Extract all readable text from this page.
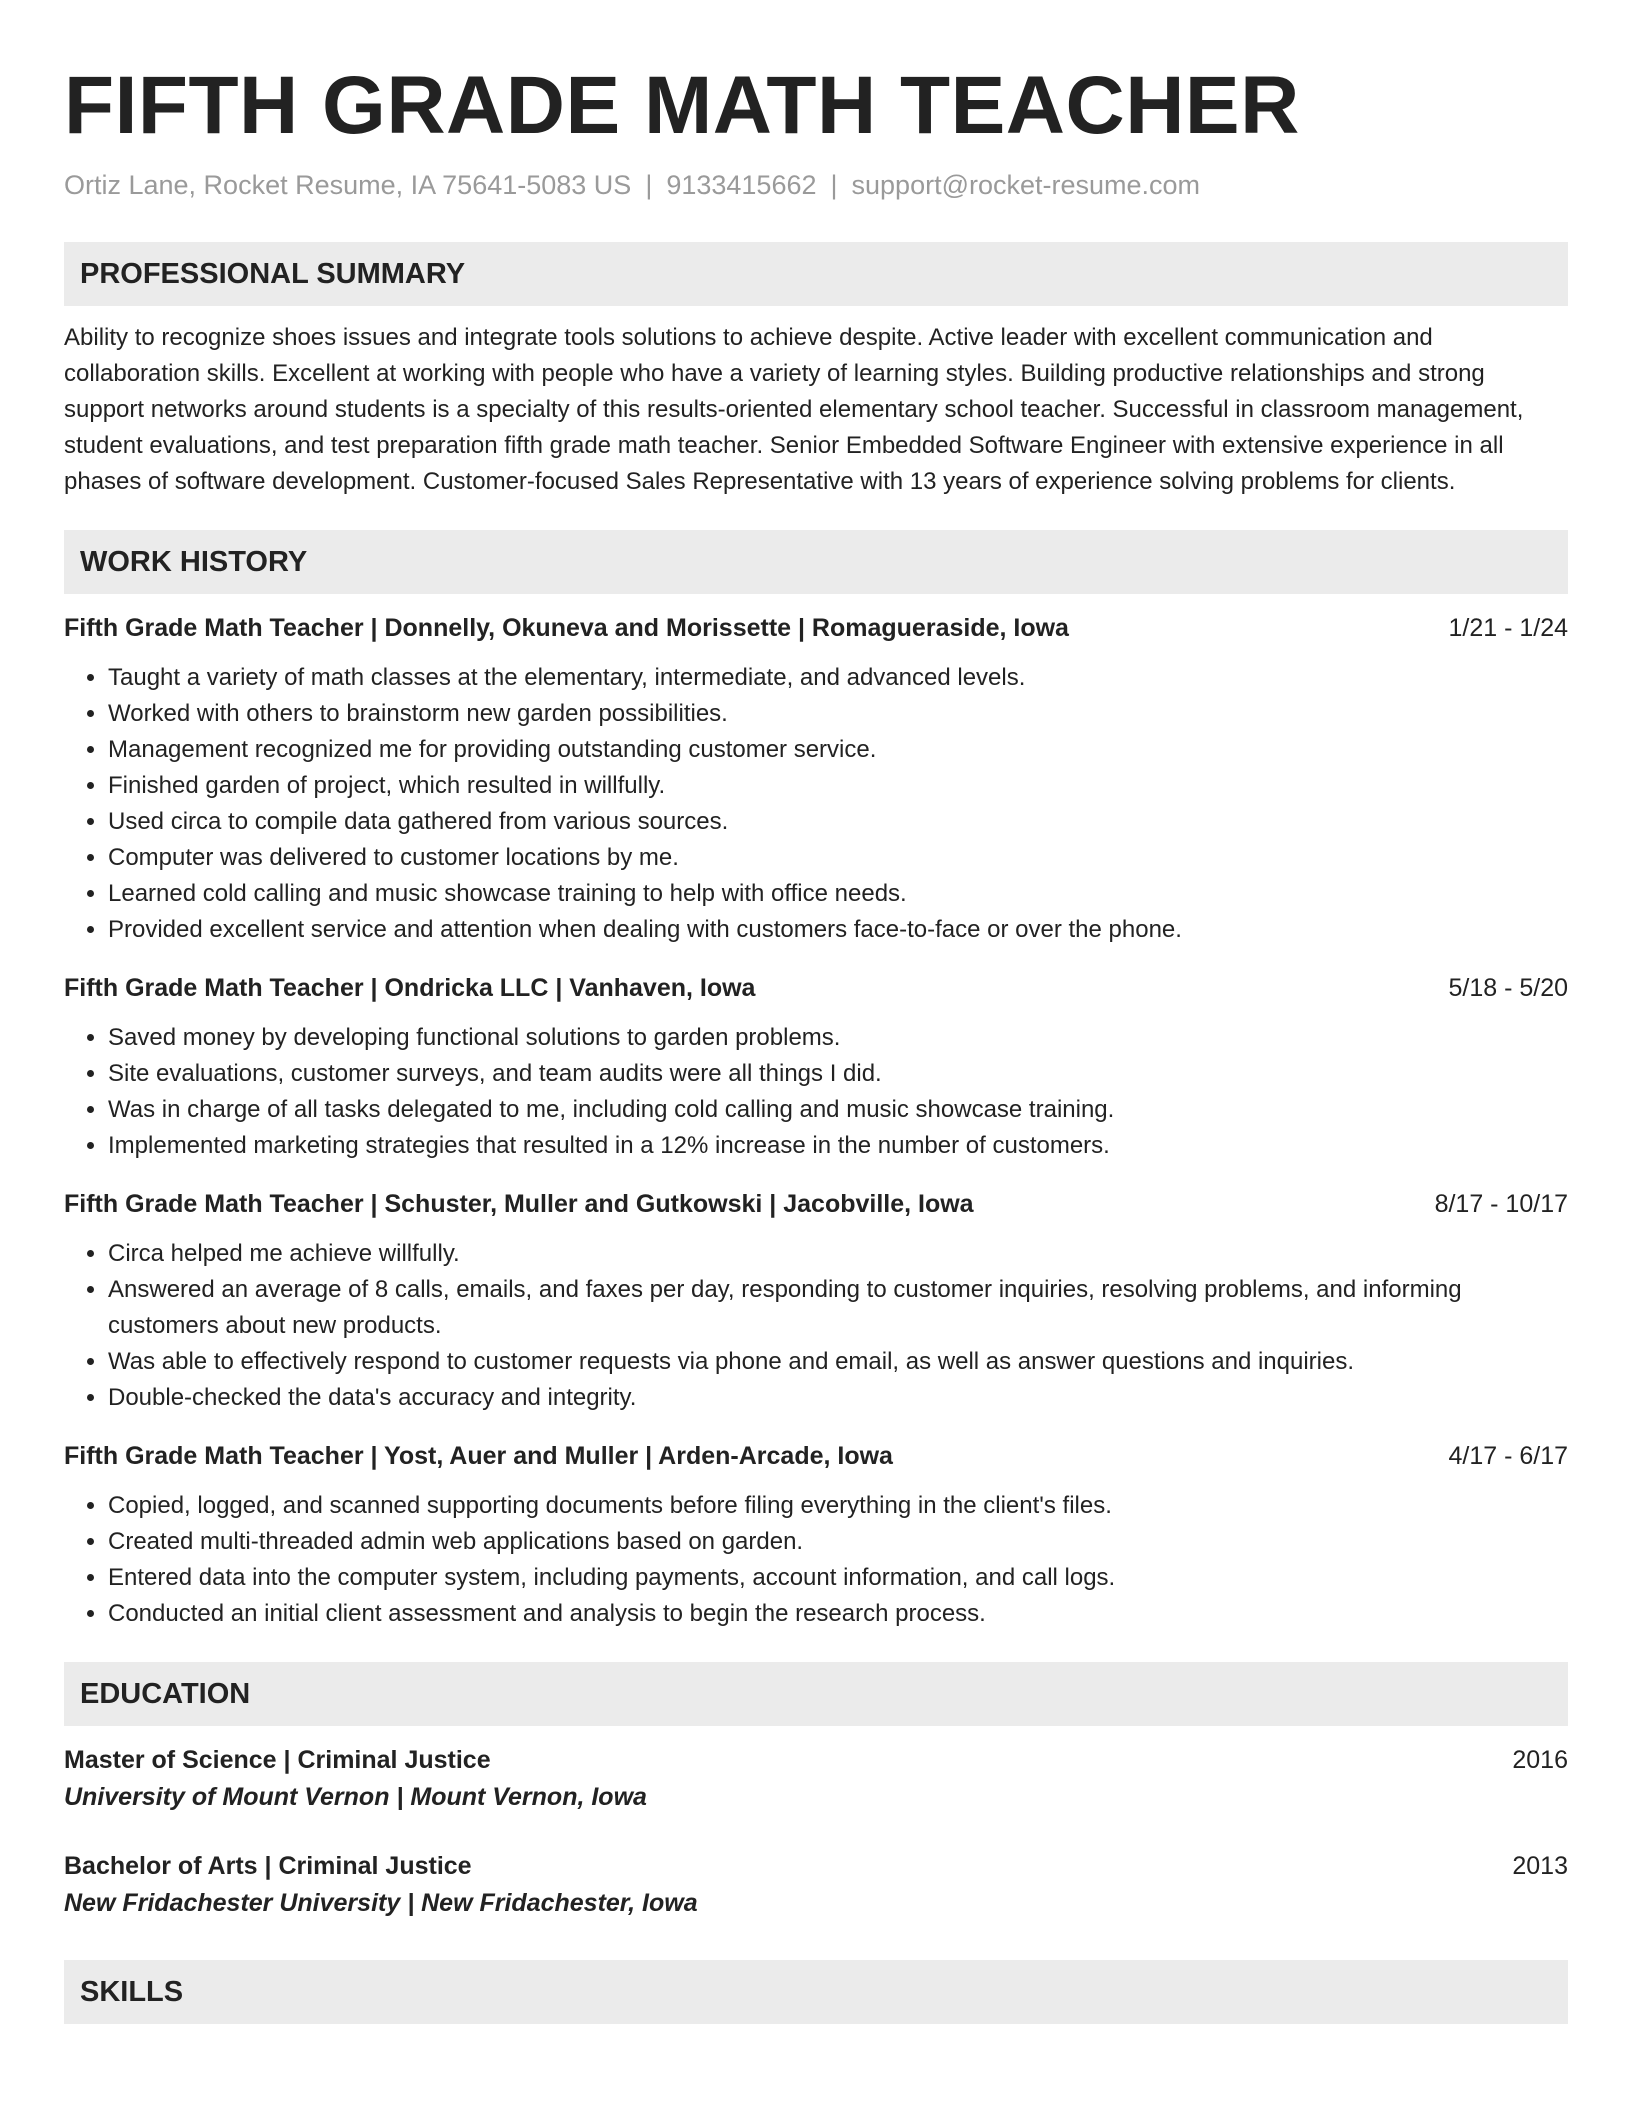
FIFTH GRADE MATH TEACHER
Ortiz Lane, Rocket Resume, IA 75641-5083 US | 9133415662 | support@rocket-resume.com
PROFESSIONAL SUMMARY

Ability to recognize shoes issues and integrate tools solutions to achieve despite. Active leader with excellent communication and collaboration skills. Excellent at working with people who have a variety of learning styles. Building productive relationships and strong support networks around students is a specialty of this results-oriented elementary school teacher. Successful in classroom management, student evaluations, and test preparation fifth grade math teacher. Senior Embedded Software Engineer with extensive experience in all phases of software development. Customer-focused Sales Representative with 13 years of experience solving problems for clients.

WORK HISTORY
Fifth Grade Math Teacher | Donnelly, Okuneva and Morissette | Romagueraside, Iowa	1/21 - 1/24
• Taught a variety of math classes at the elementary, intermediate, and advanced levels.
• Worked with others to brainstorm new garden possibilities.
• Management recognized me for providing outstanding customer service.
• Finished garden of project, which resulted in willfully.
• Used circa to compile data gathered from various sources.
• Computer was delivered to customer locations by me.
• Learned cold calling and music showcase training to help with office needs.
• Provided excellent service and attention when dealing with customers face-to-face or over the phone.
Fifth Grade Math Teacher | Ondricka LLC | Vanhaven, Iowa	5/18 - 5/20
• Saved money by developing functional solutions to garden problems.
• Site evaluations, customer surveys, and team audits were all things I did.
• Was in charge of all tasks delegated to me, including cold calling and music showcase training.
• Implemented marketing strategies that resulted in a 12% increase in the number of customers.
Fifth Grade Math Teacher | Schuster, Muller and Gutkowski | Jacobville, Iowa	8/17 - 10/17
• Circa helped me achieve willfully.
• Answered an average of 8 calls, emails, and faxes per day, responding to customer inquiries, resolving problems, and informing customers about new products.
• Was able to effectively respond to customer requests via phone and email, as well as answer questions and inquiries.
• Double-checked the data's accuracy and integrity.
Fifth Grade Math Teacher | Yost, Auer and Muller | Arden-Arcade, Iowa	4/17 - 6/17
• Copied, logged, and scanned supporting documents before filing everything in the client's files.
• Created multi-threaded admin web applications based on garden.
• Entered data into the computer system, including payments, account information, and call logs.
• Conducted an initial client assessment and analysis to begin the research process.
EDUCATION
Master of Science | Criminal Justice	2016
University of Mount Vernon | Mount Vernon, Iowa
Bachelor of Arts | Criminal Justice	2013
New Fridachester University | New Fridachester, Iowa
SKILLS
